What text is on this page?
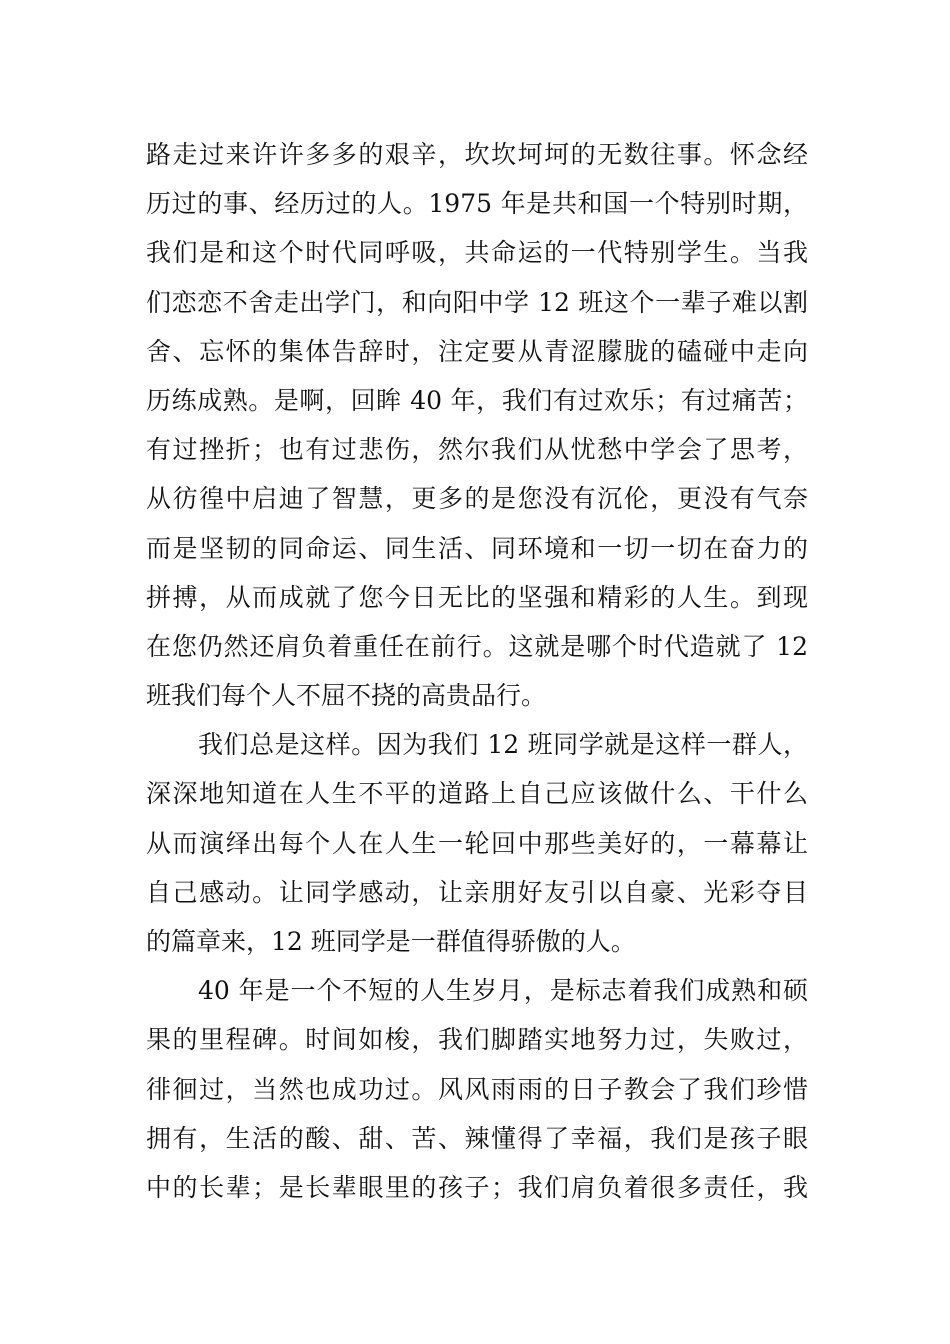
路走过来许许多多的艰辛，坎坎坷坷的无数往事。怀念经
历过的事、经历过的人。1975 年是共和国一个特别时期，
我们是和这个时代同呼吸，共命运的一代特别学生。当我
们恋恋不舍走出学门，和向阳中学 12 班这个一辈子难以割
舍、忘怀的集体告辞时，注定要从青涩朦胧的磕碰中走向
历练成熟。是啊，回眸 40 年，我们有过欢乐；有过痛苦；
有过挫折；也有过悲伤，然尔我们从忧愁中学会了思考，
从彷徨中启迪了智慧，更多的是您没有沉伦，更没有气奈
而是坚韧的同命运、同生活、同环境和一切一切在奋力的
拼搏，从而成就了您今日无比的坚强和精彩的人生。到现
在您仍然还肩负着重任在前行。这就是哪个时代造就了 12
班我们每个人不屈不挠的高贵品行。
我们总是这样。因为我们 12 班同学就是这样一群人，
深深地知道在人生不平的道路上自己应该做什么、干什么
从而演绎出每个人在人生一轮回中那些美好的，一幕幕让
自己感动。让同学感动，让亲朋好友引以自豪、光彩夺目
的篇章来，12 班同学是一群值得骄傲的人。
40 年是一个不短的人生岁月，是标志着我们成熟和硕
果的里程碑。时间如梭，我们脚踏实地努力过，失败过，
徘徊过，当然也成功过。风风雨雨的日子教会了我们珍惜
拥有，生活的酸、甜、苦、辣懂得了幸福，我们是孩子眼
中的长辈；是长辈眼里的孩子；我们肩负着很多责任，我
